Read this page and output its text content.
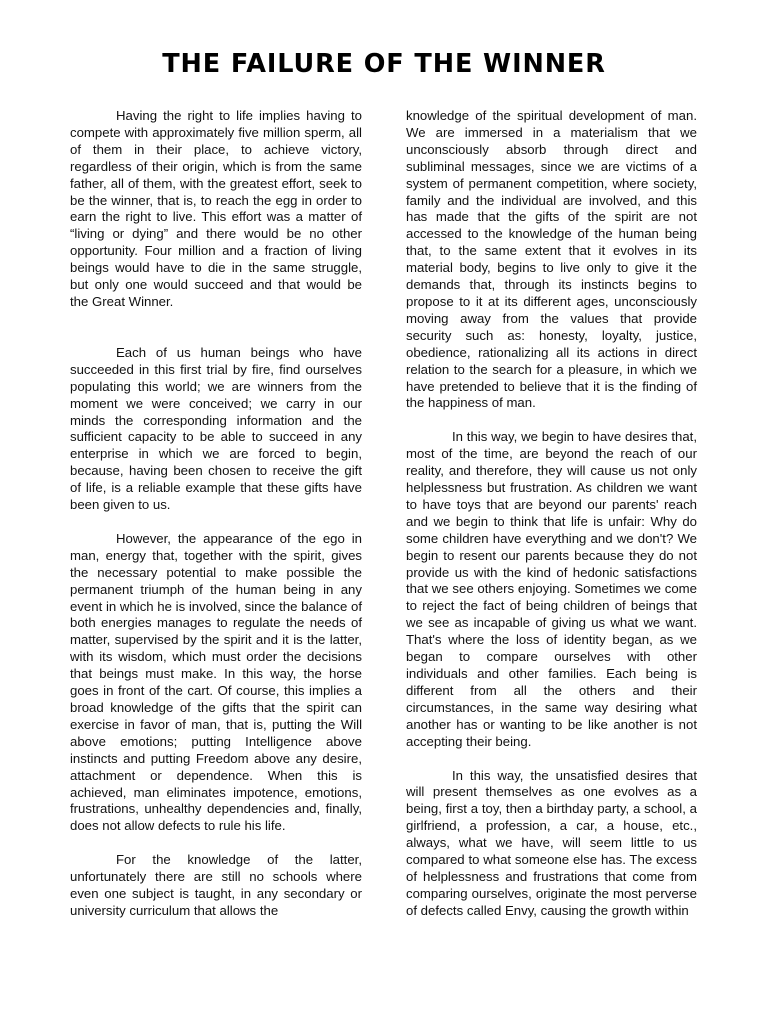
THE FAILURE OF THE WINNER

Having the right to life implies having to compete with approximately five million sperm, all of them in their place, to achieve victory, regardless of their origin, which is from the same father, all of them, with the greatest effort, seek to be the winner, that is, to reach the egg in order to earn the right to live. This effort was a matter of “living or dying” and there would be no other opportunity. Four million and a fraction of living beings would have to die in the same struggle, but only one would succeed and that would be the Great Winner.

Each of us human beings who have succeeded in this first trial by fire, find ourselves populating this world; we are winners from the moment we were conceived; we carry in our minds the corresponding information and the sufficient capacity to be able to succeed in any enterprise in which we are forced to begin, because, having been chosen to receive the gift of life, is a reliable example that these gifts have been given to us.

However, the appearance of the ego in man, energy that, together with the spirit, gives the necessary potential to make possible the permanent triumph of the human being in any event in which he is involved, since the balance of both energies manages to regulate the needs of matter, supervised by the spirit and it is the latter, with its wisdom, which must order the decisions that beings must make. In this way, the horse goes in front of the cart. Of course, this implies a broad knowledge of the gifts that the spirit can exercise in favor of man, that is, putting the Will above emotions; putting Intelligence above instincts and putting Freedom above any desire, attachment or dependence. When this is achieved, man eliminates impotence, emotions, frustrations, unhealthy dependencies and, finally, does not allow defects to rule his life.

For the knowledge of the latter, unfortunately there are still no schools where even one subject is taught, in any secondary or university curriculum that allows the

knowledge of the spiritual development of man. We are immersed in a materialism that we unconsciously absorb through direct and subliminal messages, since we are victims of a system of permanent competition, where society, family and the individual are involved, and this has made that the gifts of the spirit are not accessed to the knowledge of the human being that, to the same extent that it evolves in its material body, begins to live only to give it the demands that, through its instincts begins to propose to it at its different ages, unconsciously moving away from the values that provide security such as: honesty, loyalty, justice, obedience, rationalizing all its actions in direct relation to the search for a pleasure, in which we have pretended to believe that it is the finding of the happiness of man.

In this way, we begin to have desires that, most of the time, are beyond the reach of our reality, and therefore, they will cause us not only helplessness but frustration. As children we want to have toys that are beyond our parents' reach and we begin to think that life is unfair: Why do some children have everything and we don't? We begin to resent our parents because they do not provide us with the kind of hedonic satisfactions that we see others enjoying. Sometimes we come to reject the fact of being children of beings that we see as incapable of giving us what we want. That's where the loss of identity began, as we began to compare ourselves with other individuals and other families. Each being is different from all the others and their circumstances, in the same way desiring what another has or wanting to be like another is not accepting their being.

In this way, the unsatisfied desires that will present themselves as one evolves as a being, first a toy, then a birthday party, a school, a girlfriend, a profession, a car, a house, etc., always, what we have, will seem little to us compared to what someone else has. The excess of helplessness and frustrations that come from comparing ourselves, originate the most perverse of defects called Envy, causing the growth within
